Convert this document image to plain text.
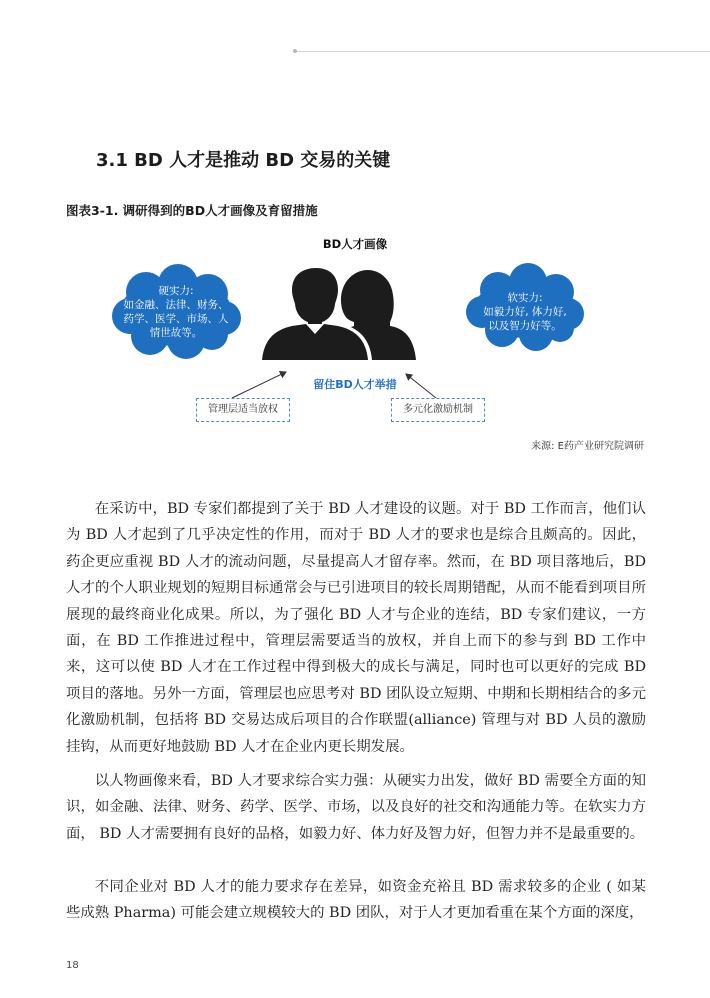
3.1 BD 人才是推动 BD 交易的关键
图表3-1. 调研得到的BD人才画像及育留措施
BD人才画像
硬实力:
如金融、法律、财务、
药学、医学、市场、人
情世故等。
软实力:
如毅力好, 体力好,
以及智力好等。
留住BD人才举措
管理层适当放权	多元化激励机制
来源: E药产业研究院调研

在采访中，BD 专家们都提到了关于 BD 人才建设的议题。对于 BD 工作而言，他们认为 BD 人才起到了几乎决定性的作用，而对于 BD 人才的要求也是综合且颇高的。因此，药企更应重视 BD 人才的流动问题，尽量提高人才留存率。然而，在 BD 项目落地后，BD 人才的个人职业规划的短期目标通常会与已引进项目的较长周期错配，从而不能看到项目所展现的最终商业化成果。所以，为了强化 BD 人才与企业的连结，BD 专家们建议，一方面，在 BD 工作推进过程中，管理层需要适当的放权，并自上而下的参与到 BD 工作中来，这可以使 BD 人才在工作过程中得到极大的成长与满足，同时也可以更好的完成 BD 项目的落地。另外一方面，管理层也应思考对 BD 团队设立短期、中期和长期相结合的多元化激励机制，包括将 BD 交易达成后项目的合作联盟(alliance) 管理与对 BD 人员的激励挂钩，从而更好地鼓励 BD 人才在企业内更长期发展。

以人物画像来看，BD 人才要求综合实力强：从硬实力出发，做好 BD 需要全方面的知识，如金融、法律、财务、药学、医学、市场，以及良好的社交和沟通能力等。在软实力方面， BD 人才需要拥有良好的品格，如毅力好、体力好及智力好，但智力并不是最重要的。

不同企业对 BD 人才的能力要求存在差异，如资金充裕且 BD 需求较多的企业 ( 如某些成熟 Pharma) 可能会建立规模较大的 BD 团队，对于人才更加看重在某个方面的深度，

18
